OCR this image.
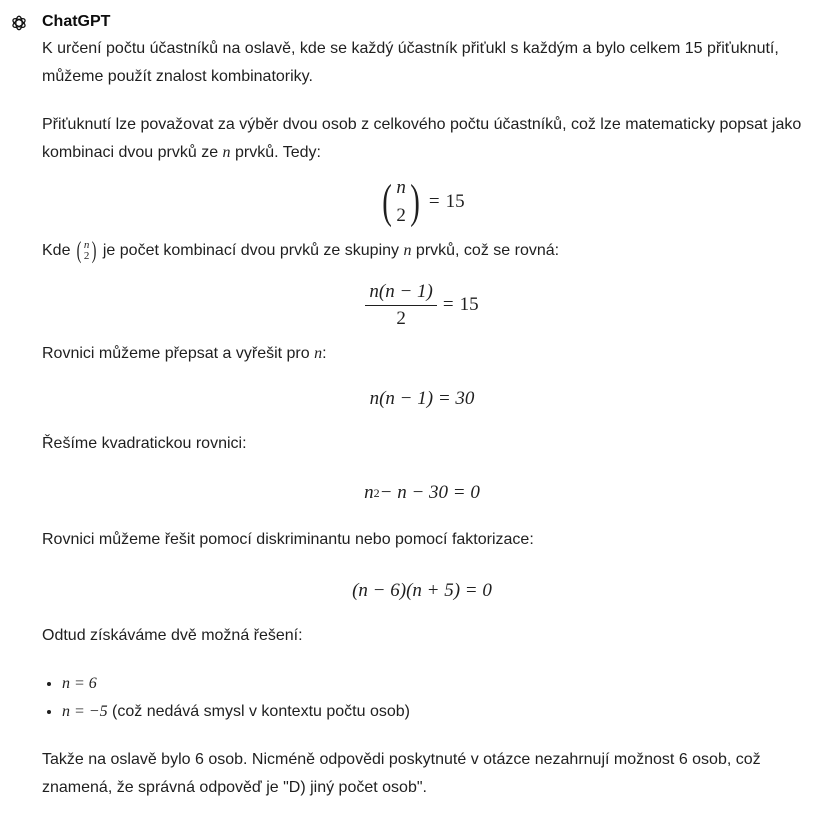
ChatGPT

K určení počtu účastníků na oslavě, kde se každý účastník přiťukl s každým a bylo celkem 15 přiťuknutí, můžeme použít znalost kombinatoriky.

Přiťuknutí lze považovat za výběr dvou osob z celkového počtu účastníků, což lze matematicky popsat jako kombinaci dvou prvků ze n prvků. Tedy:

( n
2 ) = 15

Kde ( n
2 ) je počet kombinací dvou prvků ze skupiny n prvků, což se rovná:

$\frac{n(n - 1)}{2} = 15$

Rovnici můžeme přepsat a vyřešit pro n:

n(n − 1) = 30

Řešíme kvadratickou rovnici:

n 2 − n − 30 = 0

Rovnici můžeme řešit pomocí diskriminantu nebo pomocí faktorizace:

(n − 6)(n + 5) = 0

Odtud získáváme dvě možná řešení:

• n = 6
• n = −5 (což nedává smysl v kontextu počtu osob)

Takže na oslavě bylo 6 osob. Nicméně odpovědi poskytnuté v otázce nezahrnují možnost 6 osob, což znamená, že správná odpověď je "D) jiný počet osob".
